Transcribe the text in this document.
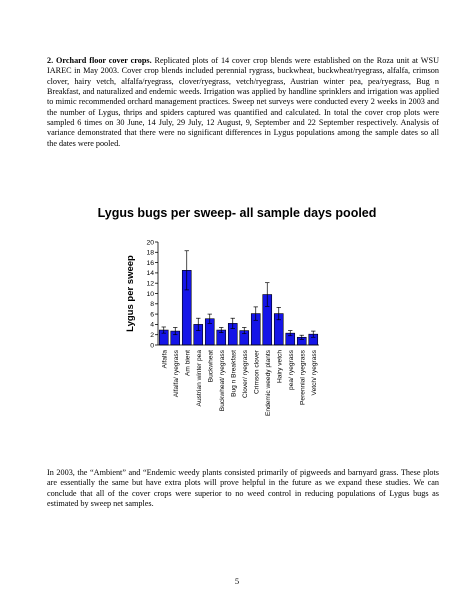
2. Orchard floor cover crops. Replicated plots of 14 cover crop blends were established on the Roza unit at WSU IAREC in May 2003. Cover crop blends included perennial rygrass, buckwheat, buckwheat/ryegrass, alfalfa, crimson clover, hairy vetch, alfalfa/ryegrass, clover/ryegrass, vetch/ryegrass, Austrian winter pea, pea/ryegrass, Bug n Breakfast, and naturalized and endemic weeds. Irrigation was applied by handline sprinklers and irrigation was applied to mimic recommended orchard management practices. Sweep net surveys were conducted every 2 weeks in 2003 and the number of Lygus, thrips and spiders captured was quantified and calculated. In total the cover crop plots were sampled 6 times on 30 June, 14 July, 29 July, 12 August, 9, September and 22 September respectively. Analysis of variance demonstrated that there were no significant differences in Lygus populations among the sample dates so all the dates were pooled.

Lygus bugs per sweep- all sample days pooled
Alfalfa Alfalfa/ ryegrass Am bient Austrian winter pea Buckwheat Buckwheat/ ryegrass Bug n Breakfast Clover/ ryegrass Crimson clover Endemic weedy plants Hairy vetch pea/ ryegrass Perennial ryegrass Vetch/ ryegrass
0
2
4
6
8
10
12
14
16
18
20
Lygus per sweep

In 2003, the “Ambient” and “Endemic weedy plants consisted primarily of pigweeds and barnyard grass. These plots are essentially the same but have extra plots will prove helpful in the future as we expand these studies. We can conclude that all of the cover crops were superior to no weed control in reducing populations of Lygus bugs as estimated by sweep net samples.

5
